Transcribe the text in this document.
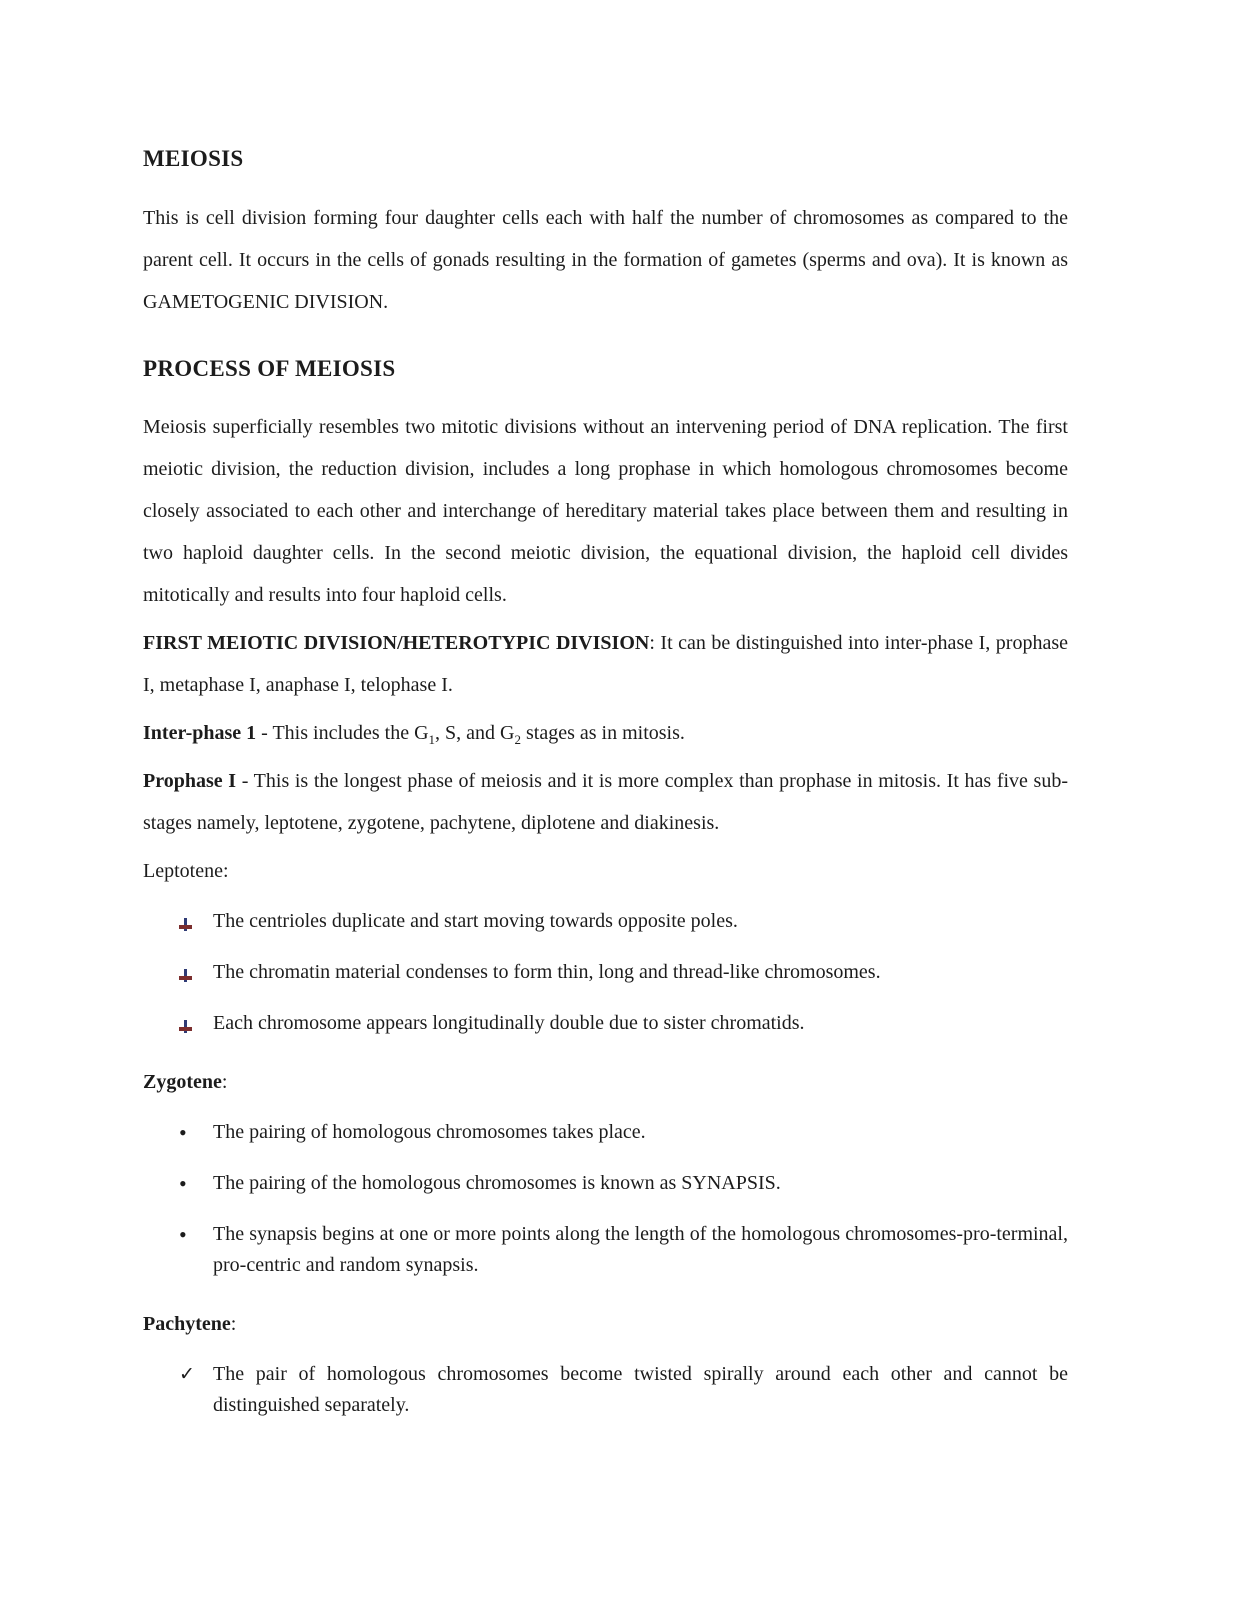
MEIOSIS

This is cell division forming four daughter cells each with half the number of chromosomes as compared to the parent cell. It occurs in the cells of gonads resulting in the formation of gametes (sperms and ova). It is known as GAMETOGENIC DIVISION.

PROCESS OF MEIOSIS

Meiosis superficially resembles two mitotic divisions without an intervening period of DNA replication. The first meiotic division, the reduction division, includes a long prophase in which homologous chromosomes become closely associated to each other and interchange of hereditary material takes place between them and resulting in two haploid daughter cells. In the second meiotic division, the equational division, the haploid cell divides mitotically and results into four haploid cells.

FIRST MEIOTIC DIVISION/HETEROTYPIC DIVISION: It can be distinguished into inter-phase I, prophase I, metaphase I, anaphase I, telophase I.

Inter-phase 1 - This includes the $G_1$, S, and $G_2$ stages as in mitosis.

Prophase I - This is the longest phase of meiosis and it is more complex than prophase in mitosis. It has five sub-stages namely, leptotene, zygotene, pachytene, diplotene and diakinesis.

Leptotene:

The centrioles duplicate and start moving towards opposite poles.
The chromatin material condenses to form thin, long and thread-like chromosomes.
Each chromosome appears longitudinally double due to sister chromatids.

Zygotene:

•	The pairing of homologous chromosomes takes place.
•	The pairing of the homologous chromosomes is known as SYNAPSIS.
•	The synapsis begins at one or more points along the length of the homologous chromosomes-pro-terminal, pro-centric and random synapsis.

Pachytene:

✓ The pair of homologous chromosomes become twisted spirally around each other and cannot be distinguished separately.
